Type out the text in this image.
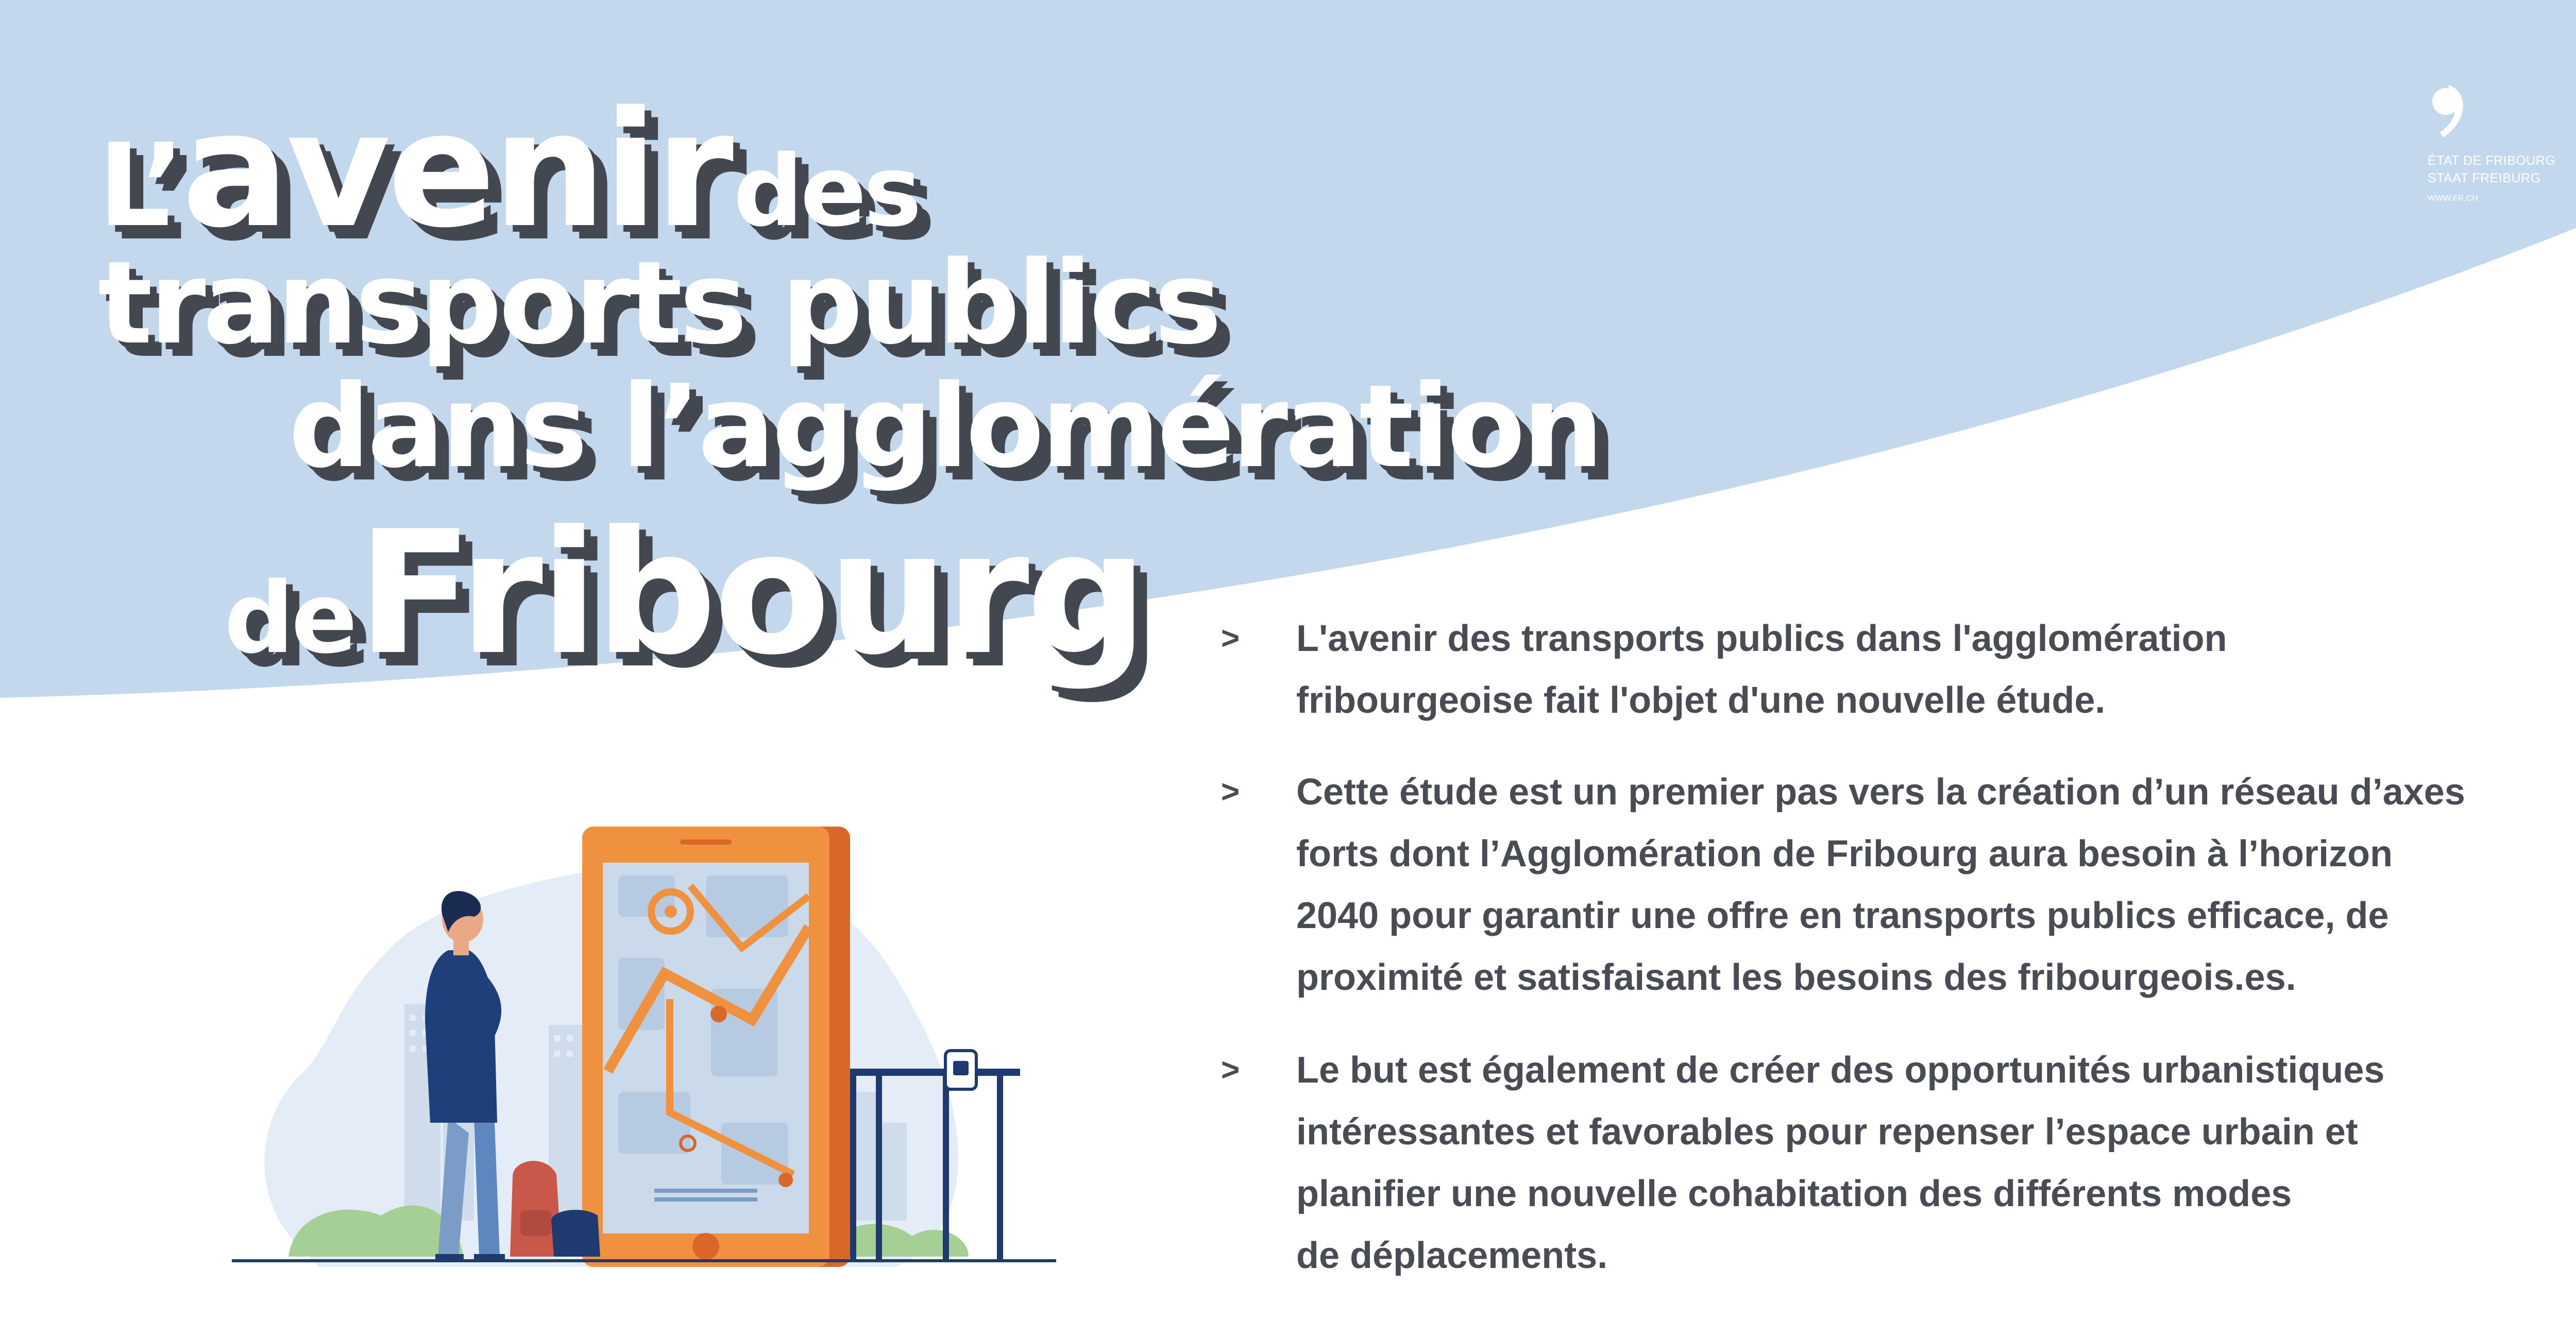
L’avenir des
transports publics
dans l’agglomération
de Fribourg
ÉTAT DE FRIBOURG
STAAT FREIBURG
WWW.FR.CH
> L'avenir des transports publics dans l'agglomération
fribourgeoise fait l'objet d'une nouvelle étude.
> Cette étude est un premier pas vers la création d’un réseau d’axes
forts dont l’Agglomération de Fribourg aura besoin à l’horizon
2040 pour garantir une offre en transports publics efficace, de
proximité et satisfaisant les besoins des fribourgeois.es.
> Le but est également de créer des opportunités urbanistiques
intéressantes et favorables pour repenser l’espace urbain et
planifier une nouvelle cohabitation des différents modes
de déplacements.
